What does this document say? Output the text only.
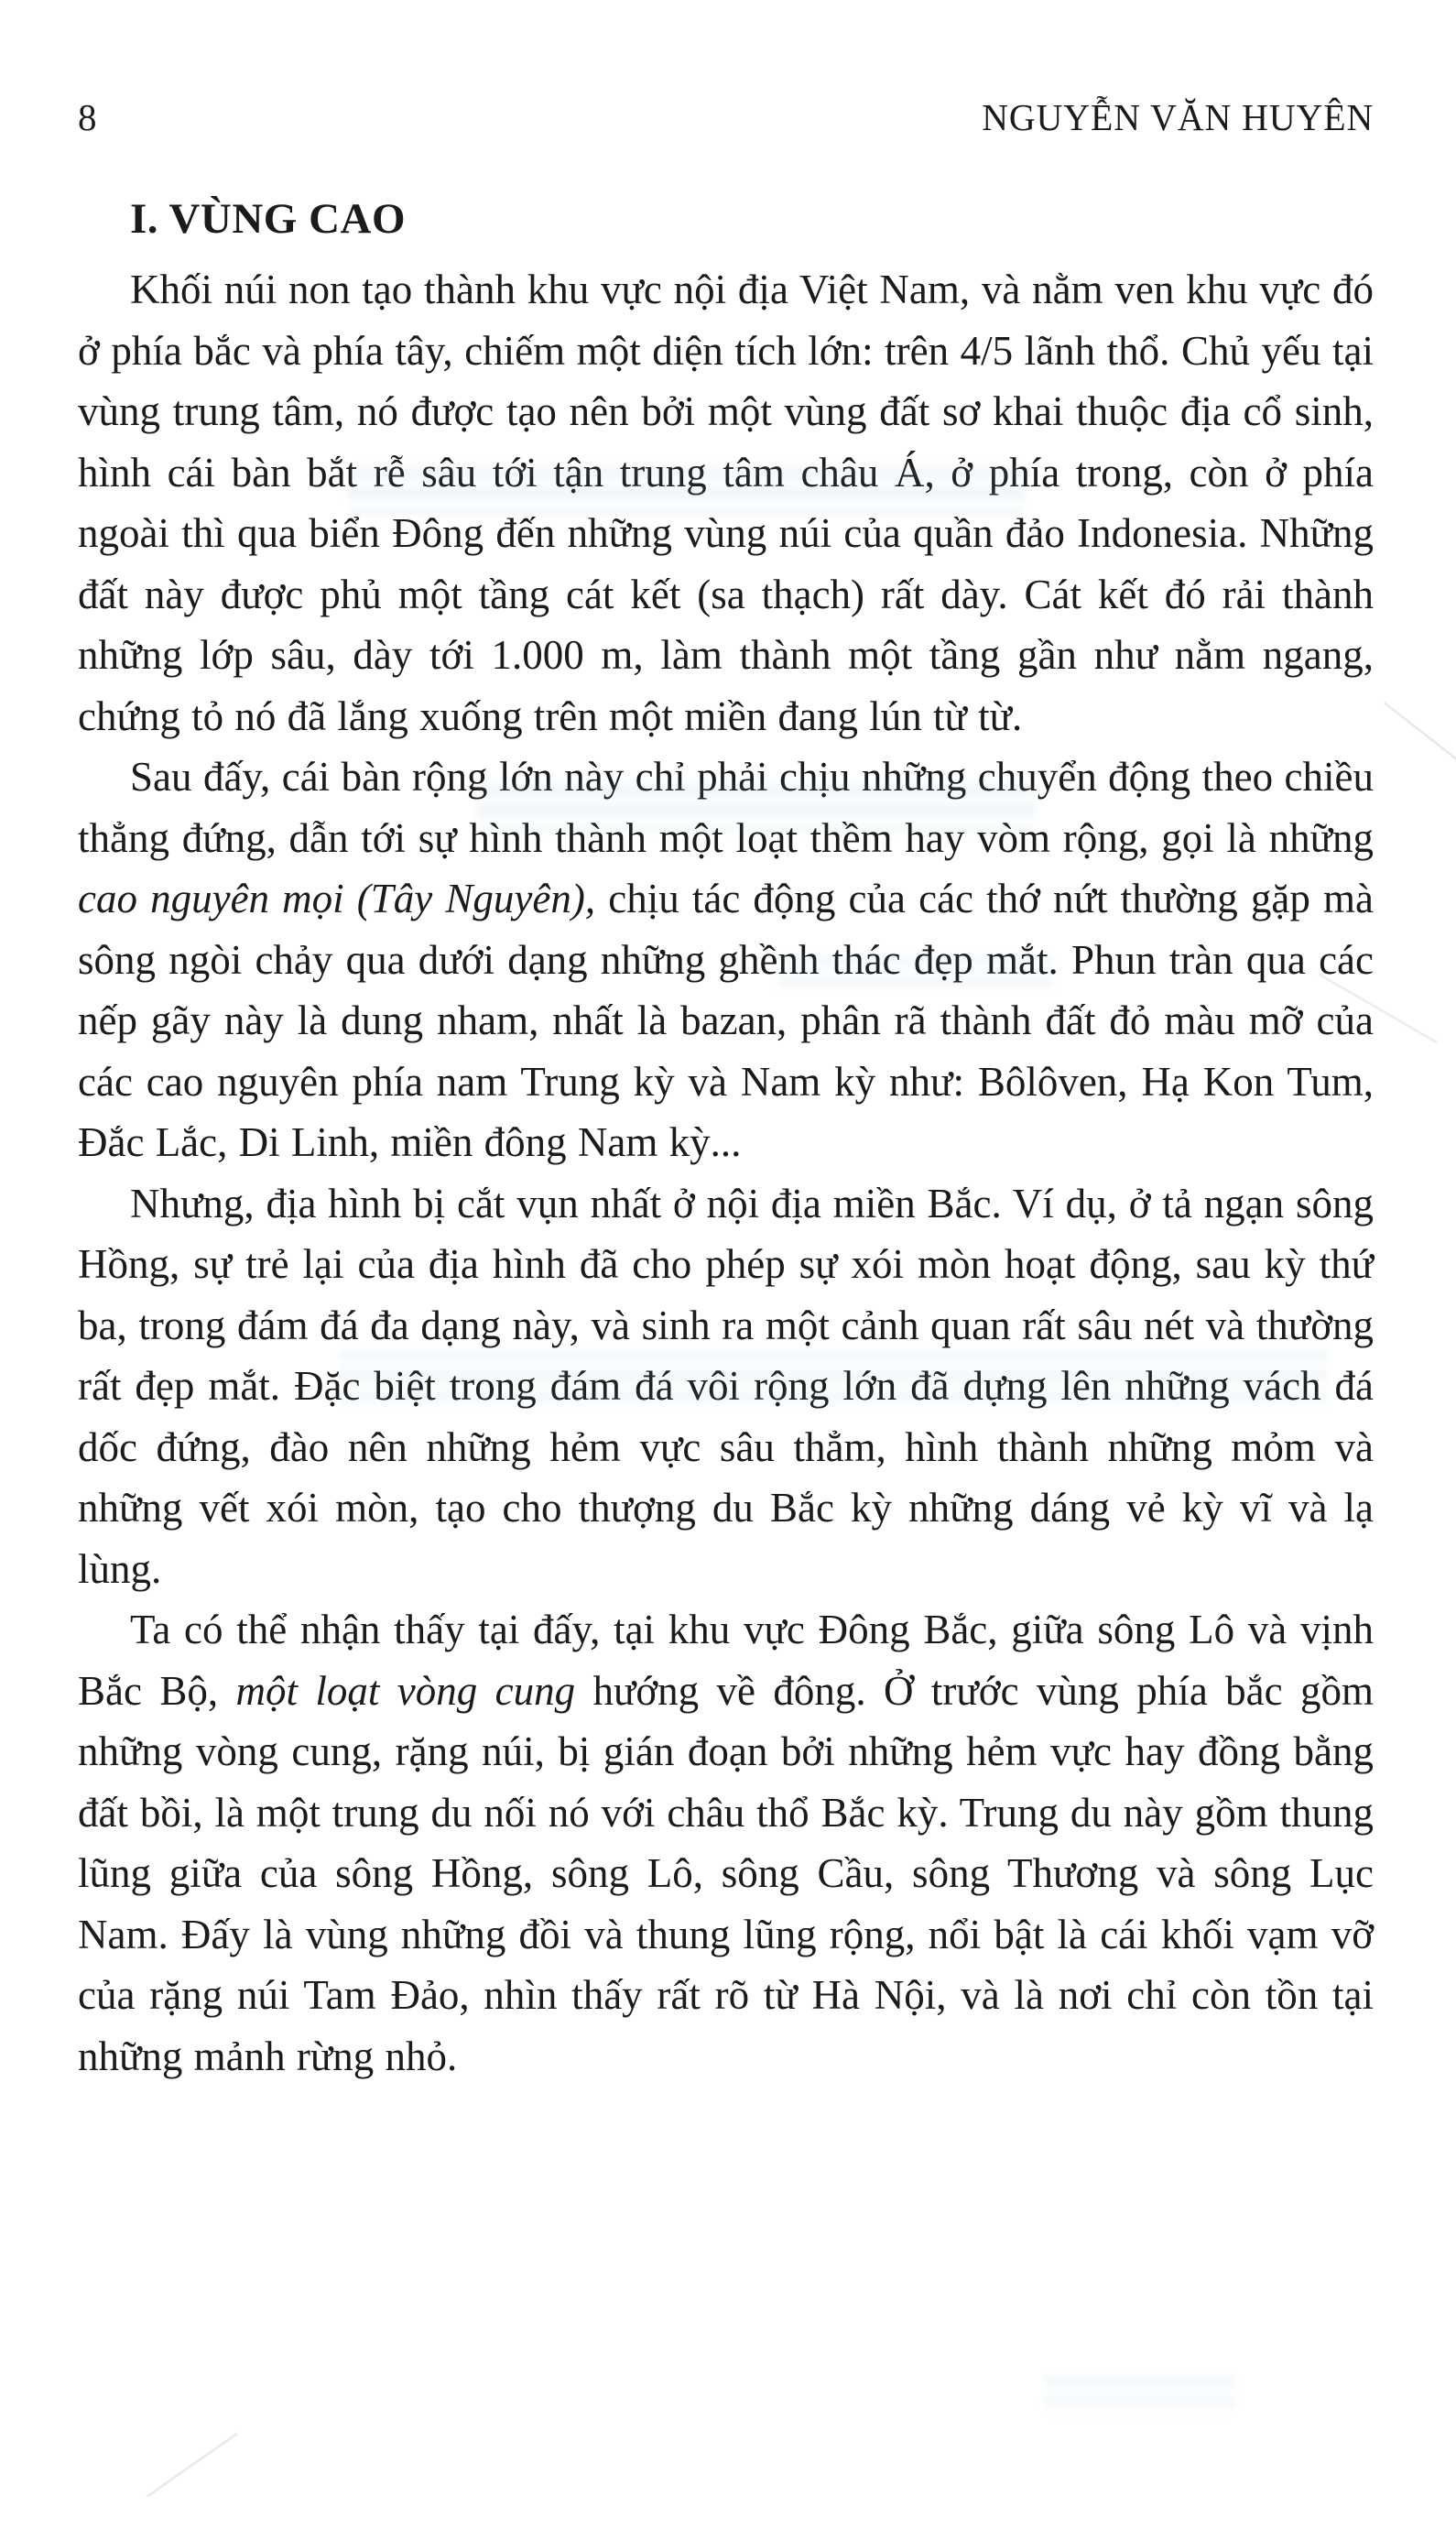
8	NGUYỄN VĂN HUYÊN
I. VÙNG CAO

Khối núi non tạo thành khu vực nội địa Việt Nam, và nằm ven khu vực đó ở phía bắc và phía tây, chiếm một diện tích lớn: trên 4/5 lãnh thổ. Chủ yếu tại vùng trung tâm, nó được tạo nên bởi một vùng đất sơ khai thuộc địa cổ sinh, hình cái bàn bắt rễ sâu tới tận trung tâm châu Á, ở phía trong, còn ở phía ngoài thì qua biển Đông đến những vùng núi của quần đảo Indonesia. Những đất này được phủ một tầng cát kết (sa thạch) rất dày. Cát kết đó rải thành những lớp sâu, dày tới 1.000 m, làm thành một tầng gần như nằm ngang, chứng tỏ nó đã lắng xuống trên một miền đang lún từ từ.

Sau đấy, cái bàn rộng lớn này chỉ phải chịu những chuyển động theo chiều thẳng đứng, dẫn tới sự hình thành một loạt thềm hay vòm rộng, gọi là những cao nguyên mọi (Tây Nguyên), chịu tác động của các thớ nứt thường gặp mà sông ngòi chảy qua dưới dạng những ghềnh thác đẹp mắt. Phun tràn qua các nếp gãy này là dung nham, nhất là bazan, phân rã thành đất đỏ màu mỡ của các cao nguyên phía nam Trung kỳ và Nam kỳ như: Bôlôven, Hạ Kon Tum, Đắc Lắc, Di Linh, miền đông Nam kỳ...

Nhưng, địa hình bị cắt vụn nhất ở nội địa miền Bắc. Ví dụ, ở tả ngạn sông Hồng, sự trẻ lại của địa hình đã cho phép sự xói mòn hoạt động, sau kỳ thứ ba, trong đám đá đa dạng này, và sinh ra một cảnh quan rất sâu nét và thường rất đẹp mắt. Đặc biệt trong đám đá vôi rộng lớn đã dựng lên những vách đá dốc đứng, đào nên những hẻm vực sâu thẳm, hình thành những mỏm và những vết xói mòn, tạo cho thượng du Bắc kỳ những dáng vẻ kỳ vĩ và lạ lùng.

Ta có thể nhận thấy tại đấy, tại khu vực Đông Bắc, giữa sông Lô và vịnh Bắc Bộ, một loạt vòng cung hướng về đông. Ở trước vùng phía bắc gồm những vòng cung, rặng núi, bị gián đoạn bởi những hẻm vực hay đồng bằng đất bồi, là một trung du nối nó với châu thổ Bắc kỳ. Trung du này gồm thung lũng giữa của sông Hồng, sông Lô, sông Cầu, sông Thương và sông Lục Nam. Đấy là vùng những đồi và thung lũng rộng, nổi bật là cái khối vạm vỡ của rặng núi Tam Đảo, nhìn thấy rất rõ từ Hà Nội, và là nơi chỉ còn tồn tại những mảnh rừng nhỏ.
